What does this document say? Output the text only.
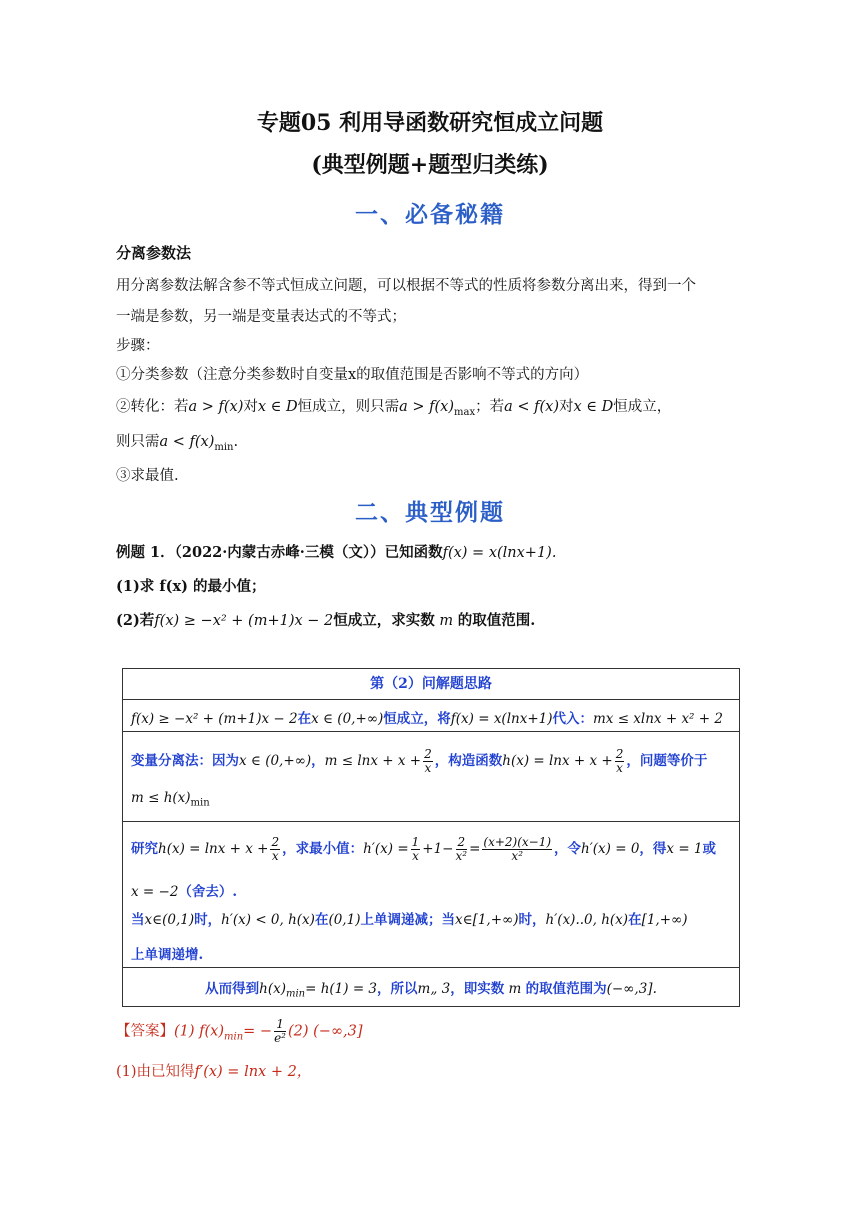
专题05 利用导函数研究恒成立问题
(典型例题+题型归类练)
一、必备秘籍
分离参数法
用分离参数法解含参不等式恒成立问题，可以根据不等式的性质将参数分离出来，得到一个
一端是参数，另一端是变量表达式的不等式；
步骤：
①分类参数（注意分类参数时自变量x的取值范围是否影响不等式的方向）
②转化：若a > f(x)对x ∈ D恒成立，则只需$a > f(x)_{max}$；若a < f(x)对x ∈ D恒成立，
则只需$a < f(x)_{min}$.
③求最值.
二、典型例题
例题 1．（2022·内蒙古赤峰·三模（文））已知函数f(x) = x(lnx+1).
(1)求 f(x) 的最小值；
(2)若f(x) ≥ −x² + (m+1)x − 2恒成立，求实数 m 的取值范围.
第（2）问解题思路
f(x) ≥ −x² + (m+1)x − 2在x ∈ (0,+∞)恒成立，将f(x) = x(lnx+1)代入：mx ≤ xlnx + x² + 2
变量分离法：因为x ∈ (0,+∞)，$m \le \ln x + x + \frac{2}{x}$ ，构造函数$h(x) = \ln x + x + \frac{2}{x}$ ，问题等价于
$m \le h(x)_{min}$
研究$h(x) = \ln x + x + \frac{2}{x}$ ，求最小值：$h'(x) = \frac{1}{x} +1- \frac{2}{\text{x²}} = \frac{(x+2)(x-1)}{\text{x²}}$ ，令h′(x) = 0，得x = 1或
x = −2（舍去）.
当x∈(0,1)时，h′(x) < 0, h(x)在(0,1)上单调递减；当x∈[1,+∞)时，h′(x)..0, h(x)在[1,+∞)
上单调递增.
从而得到$h(x)_{min}= h(1) = 3$，所以m„ 3，即实数 m 的取值范围为(−∞,3].
【答案】(1) $f(x)_{min}= - \frac{1}{\text{e²}} (2)$ (−∞,3]
(1)由已知得f′(x) = lnx + 2，
